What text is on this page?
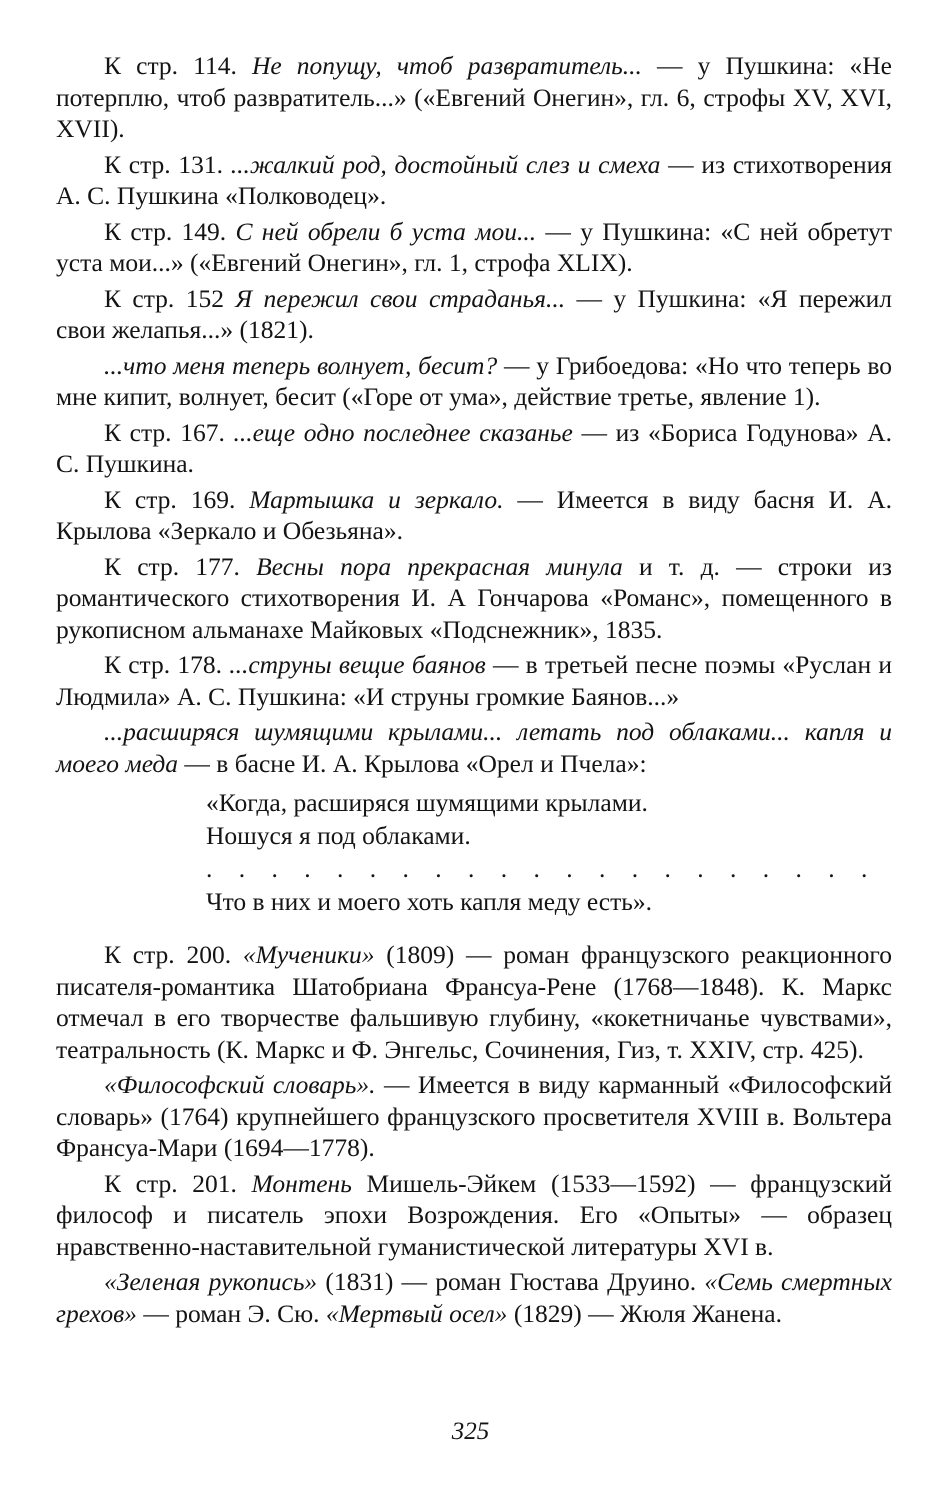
К стр. 114. Не попущу, чтоб развратитель... — у Пушкина: «Не потерплю, чтоб развратитель...» («Евгений Онегин», гл. 6, строфы XV, XVI, XVII).

К стр. 131. ...жалкий род, достойный слез и смеха — из стихотворения А. С. Пушкина «Полководец».

К стр. 149. С ней обрели б уста мои... — у Пушкина: «С ней обретут уста мои...» («Евгений Онегин», гл. 1, строфа XLIX).

К стр. 152 Я пережил свои страданья... — у Пушкина: «Я пережил свои желапья...» (1821).

...что меня теперь волнует, бесит? — у Грибоедова: «Но что теперь во мне кипит, волнует, бесит («Горе от ума», действие третье, явление 1).

К стр. 167. ...еще одно последнее сказанье — из «Бориса Годунова» А. С. Пушкина.

К стр. 169. Мартышка и зеркало. — Имеется в виду басня И. А. Крылова «Зеркало и Обезьяна».

К стр. 177. Весны пора прекрасная минула и т. д. — строки из романтического стихотворения И. А Гончарова «Романс», помещенного в рукописном альманахе Майковых «Подснежник», 1835.

К стр. 178. ...струны вещие баянов — в третьей песне поэмы «Руслан и Людмила» А. С. Пушкина: «И струны громкие Баянов...»

...расширяся шумящими крылами... летать под облаками... капля и моего меда — в басне И. А. Крылова «Орел и Пчела»:

«Когда, расширяся шумящими крылами.
Ношуся я под облаками.
. . . . . . . . . . . . . . . . . . . . .
Что в них и моего хоть капля меду есть».

К стр. 200. «Мученики» (1809) — роман французского реакционного писателя-романтика Шатобриана Франсуа-Рене (1768—1848). К. Маркс отмечал в его творчестве фальшивую глубину, «кокетничанье чувствами», театральность (К. Маркс и Ф. Энгельс, Сочинения, Гиз, т. XXIV, стр. 425).

«Философский словарь». — Имеется в виду карманный «Философский словарь» (1764) крупнейшего французского просветителя XVIII в. Вольтера Франсуа-Мари (1694—1778).

К стр. 201. Монтень Мишель-Эйкем (1533—1592) — французский философ и писатель эпохи Возрождения. Его «Опыты» — образец нравственно-наставительной гуманистической литературы XVI в.

«Зеленая рукопись» (1831) — роман Гюстава Друино. «Семь смертных грехов» — роман Э. Сю. «Мертвый осел» (1829) — Жюля Жанена.

325
